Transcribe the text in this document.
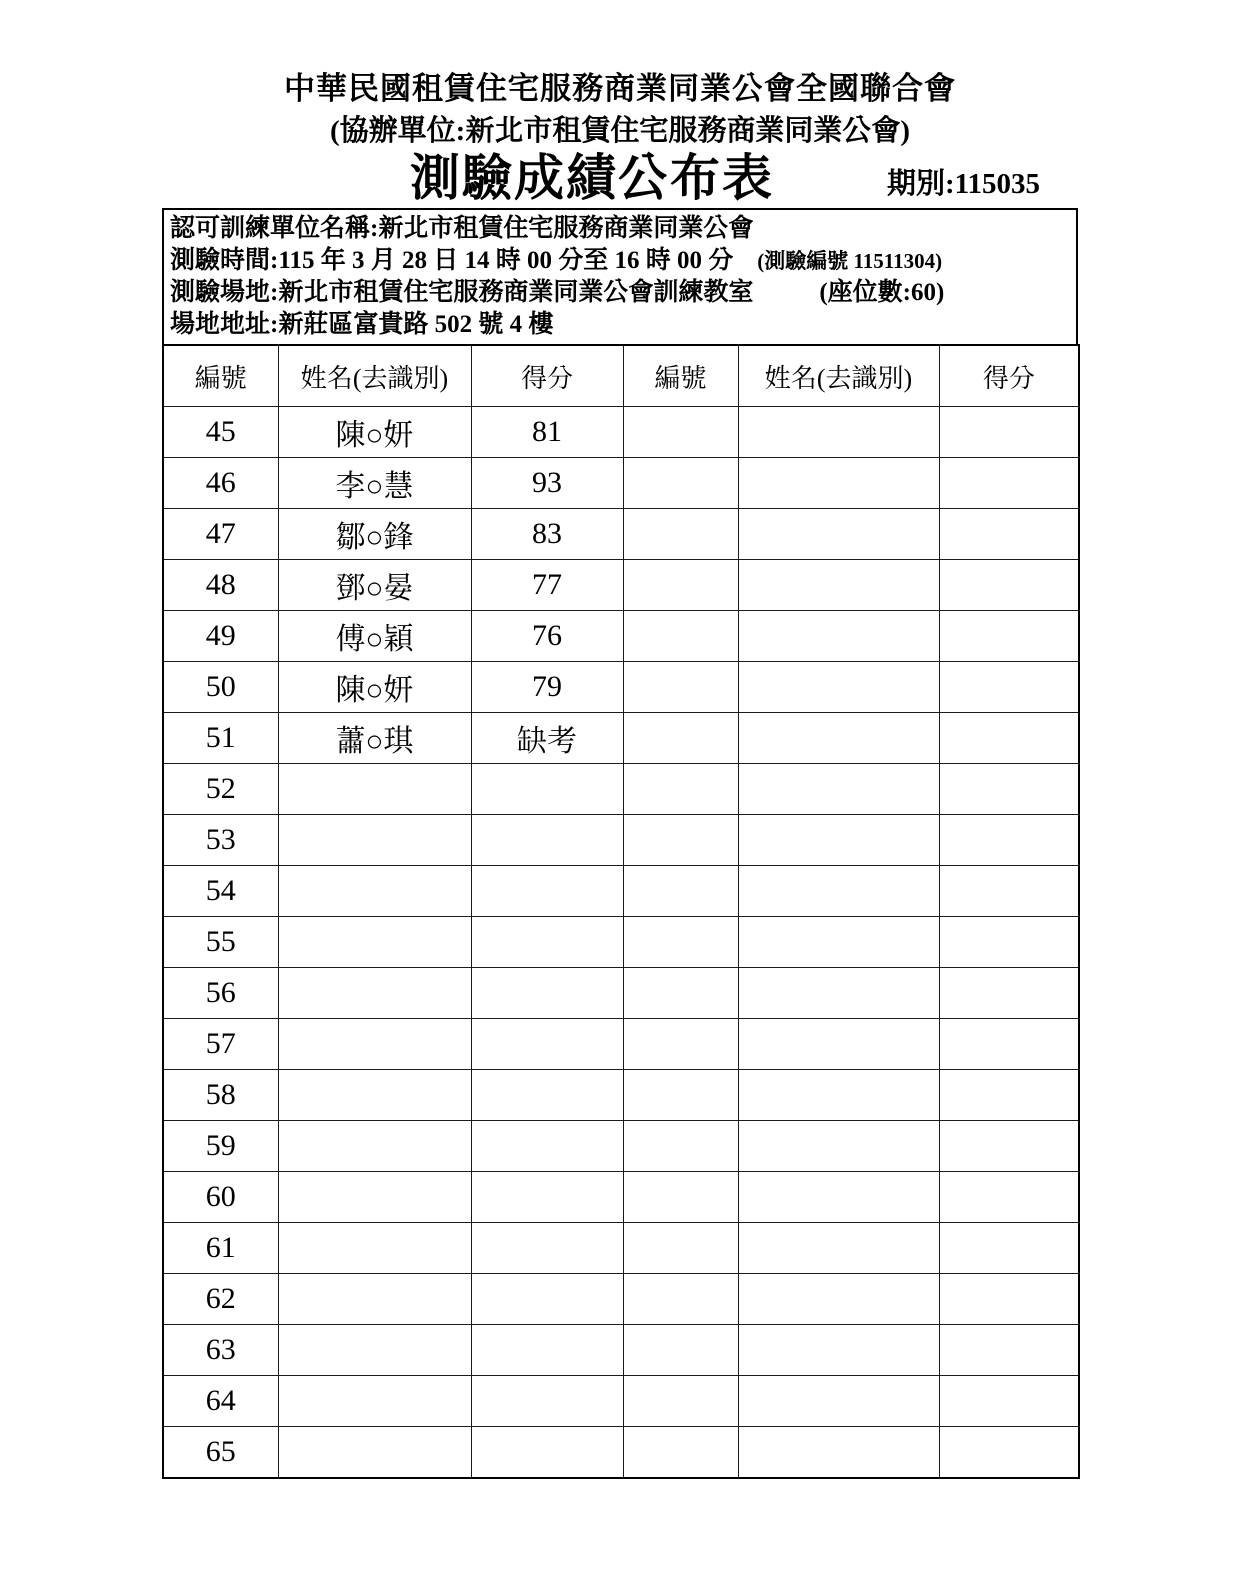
中華民國租賃住宅服務商業同業公會全國聯合會
(協辦單位:新北市租賃住宅服務商業同業公會)
測驗成績公布表	期別:115035
認可訓練單位名稱:新北市租賃住宅服務商業同業公會
測驗時間:115 年 3 月 28 日 14 時 00 分至 16 時 00 分 (測驗編號 11511304)
測驗場地:新北市租賃住宅服務商業同業公會訓練教室	(座位數:60)
場地地址:新莊區富貴路 502 號 4 樓
編號	姓名(去識別)	得分	編號	姓名(去識別)	得分
45	陳○妍	81			
46	李○慧	93			
47	鄒○鋒	83			
48	鄧○晏	77			
49	傅○穎	76			
50	陳○妍	79			
51	蕭○琪	缺考			
52					
53					
54					
55					
56					
57					
58					
59					
60					
61					
62					
63					
64					
65					
